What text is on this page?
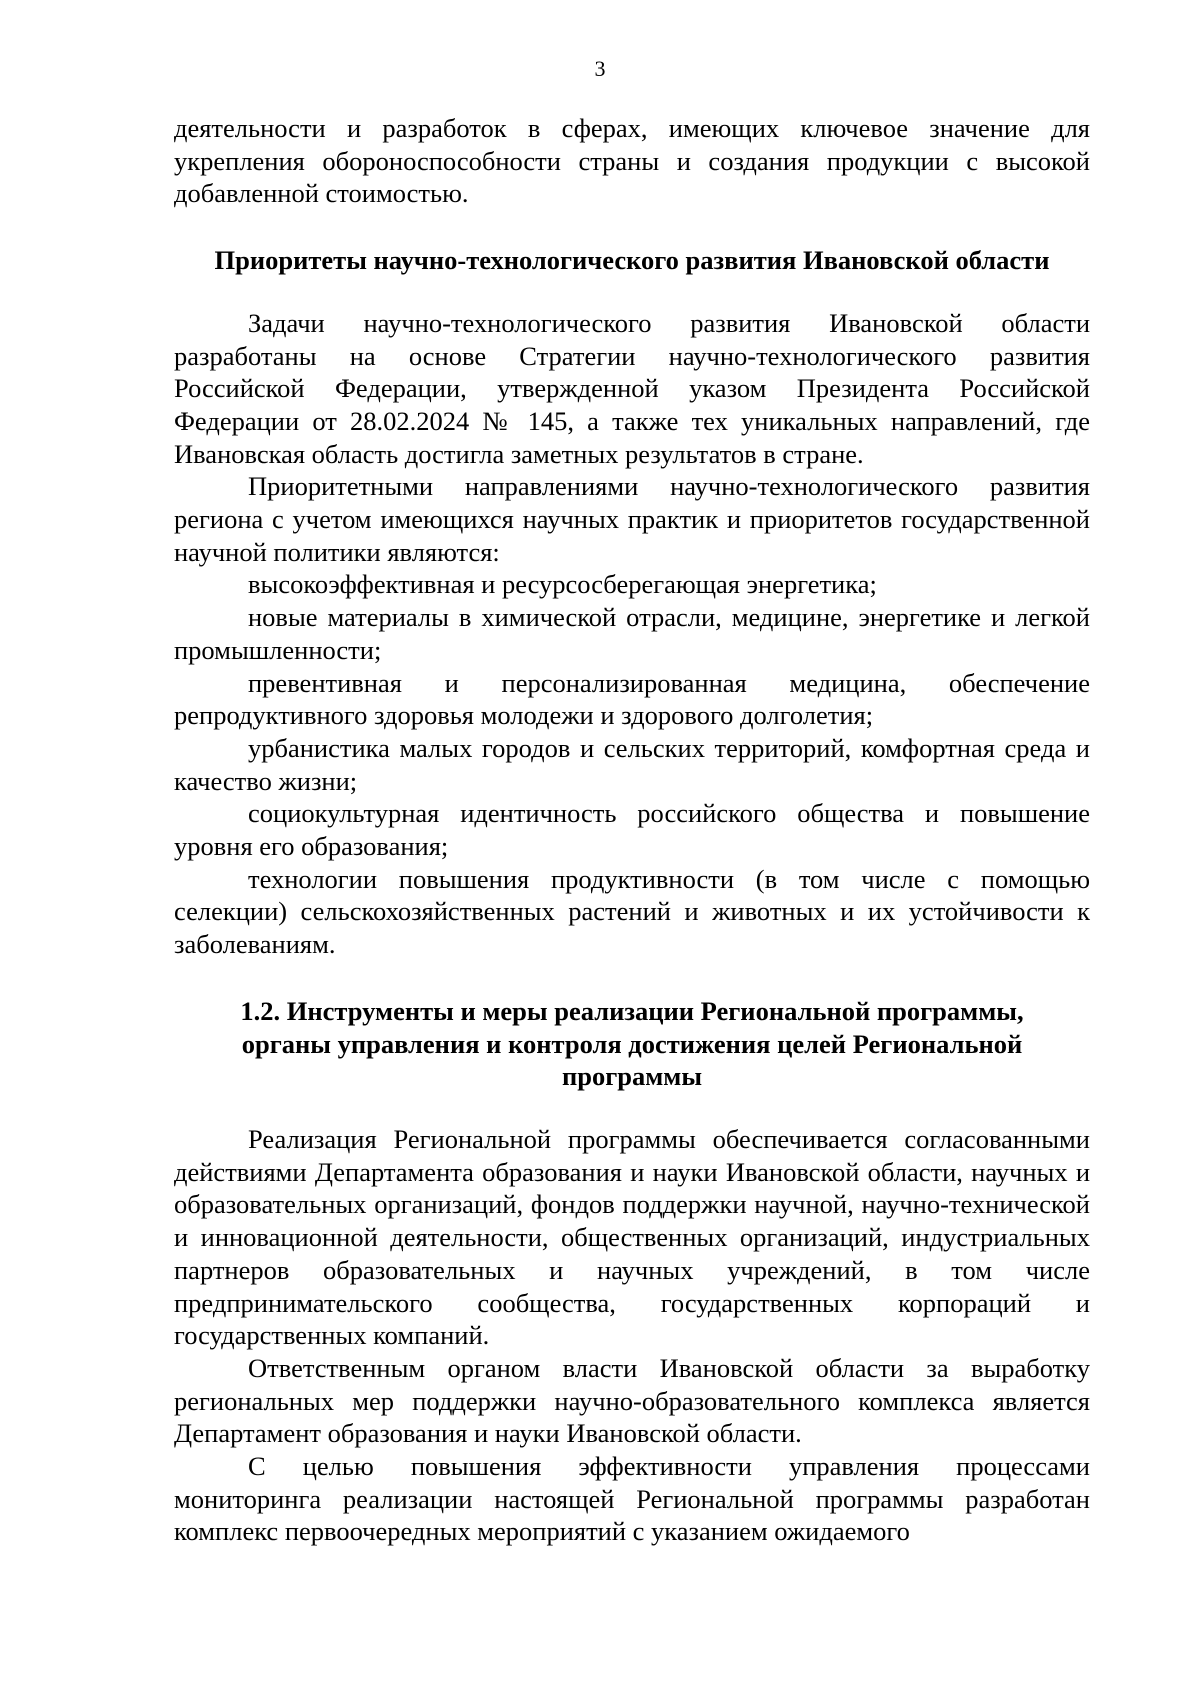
3

деятельности и разработок в сферах, имеющих ключевое значение для укрепления обороноспособности страны и создания продукции с высокой добавленной стоимостью.

Приоритеты научно-технологического развития Ивановской области

Задачи научно-технологического развития Ивановской области разработаны на основе Стратегии научно-технологического развития Российской Федерации, утвержденной указом Президента Российской Федерации от 28.02.2024 № 145, а также тех уникальных направлений, где Ивановская область достигла заметных результатов в стране.

Приоритетными направлениями научно-технологического развития региона с учетом имеющихся научных практик и приоритетов государственной научной политики являются:

высокоэффективная и ресурсосберегающая энергетика;

новые материалы в химической отрасли, медицине, энергетике и легкой промышленности;

превентивная и персонализированная медицина, обеспечение репродуктивного здоровья молодежи и здорового долголетия;

урбанистика малых городов и сельских территорий, комфортная среда и качество жизни;

социокультурная идентичность российского общества и повышение уровня его образования;

технологии повышения продуктивности (в том числе с помощью селекции) сельскохозяйственных растений и животных и их устойчивости к заболеваниям.

1.2. Инструменты и меры реализации Региональной программы,
органы управления и контроля достижения целей Региональной
программы

Реализация Региональной программы обеспечивается согласованными действиями Департамента образования и науки Ивановской области, научных и образовательных организаций, фондов поддержки научной, научно-технической и инновационной деятельности, общественных организаций, индустриальных партнеров образовательных и научных учреждений, в том числе предпринимательского сообщества, государственных корпораций и государственных компаний.

Ответственным органом власти Ивановской области за выработку региональных мер поддержки научно-образовательного комплекса является Департамент образования и науки Ивановской области.

С целью повышения эффективности управления процессами мониторинга реализации настоящей Региональной программы разработан комплекс первоочередных мероприятий с указанием ожидаемого
